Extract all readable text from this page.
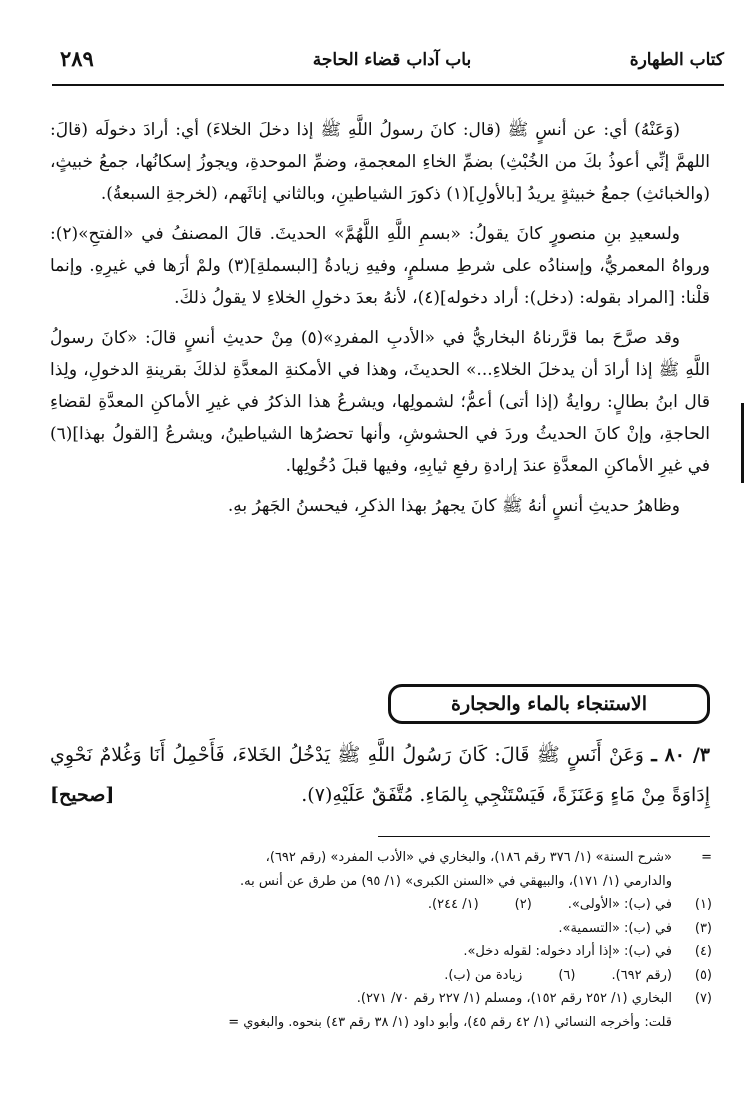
كتاب الطهارة
باب آداب قضاء الحاجة
٢٨٩

(وَعَنْهُ) أي: عن أنسٍ ﷺ (قال: كانَ رسولُ اللَّهِ ﷺ إذا دخلَ الخلاءَ) أي: أرادَ دخولَه (قالَ: اللهمَّ إنِّي أعوذُ بكَ من الخُبْثِ) بضمِّ الخاءِ المعجمةِ، وضمِّ الموحدةِ، ويجوزُ إسكانُها، جمعُ خبيثٍ، (والخبائثِ) جمعُ خبيثةٍ يريدُ [بالأولِ](١) ذكورَ الشياطينِ، وبالثاني إناثَهم، (لخرجةِ السبعةُ).

ولسعيدِ بنِ منصورٍ كانَ يقولُ: «بسمِ اللَّهِ اللَّهُمَّ» الحديثَ. قالَ المصنفُ في «الفتحِ»(٢): ورواهُ المعمريُّ، وإسنادُه على شرطِ مسلمٍ، وفيهِ زيادةُ [البسملةِ](٣) ولمْ أرَها في غيرِهِ. وإنما قلْنا: [المراد بقوله: (دخل): أراد دخوله](٤)، لأنهُ بعدَ دخولِ الخلاءِ لا يقولُ ذلكَ.

وقد صرَّحَ بما قرَّرناهُ البخاريُّ في «الأدبِ المفردِ»(٥) مِنْ حديثِ أنسٍ قالَ: «كانَ رسولُ اللَّهِ ﷺ إذا أرادَ أن يدخلَ الخلاءِ...» الحديثَ، وهذا في الأمكنةِ المعدَّةِ لذلكَ بقرينةِ الدخولِ، ولِذا قال ابنُ بطالٍ: روايةُ (إذا أتى) أعمُّ؛ لشمولِها، ويشرعُ هذا الذكرُ في غيرِ الأماكنِ المعدَّةِ لقضاءِ الحاجةِ، وإنْ كانَ الحديثُ وردَ في الحشوشِ، وأنها تحضرُها الشياطينُ، ويشرعُ [القولُ بهذا](٦) في غيرِ الأماكنِ المعدَّةِ عندَ إرادةِ رفعِ ثيابِهِ، وفيها قبلَ دُخُولِها.

وظاهرُ حديثِ أنسٍ أنهُ ﷺ كانَ يجهرُ بهذا الذكرِ، فيحسنُ الجَهرُ بهِ.

الاستنجاء بالماء والحجارة
٣/ ٨٠ ـ وَعَنْ أَنَسٍ ﷺ قَالَ: كَانَ رَسُولُ اللَّهِ ﷺ يَدْخُلُ الخَلاءَ، فَأَحْمِلُ أَنَا وَغُلامٌ نَحْوِي إِدَاوَةً مِنْ مَاءٍ وَعَنَزَةً، فَيَسْتَنْجِي بِالمَاءِ. مُتَّفَقٌ عَلَيْهِ(٧).
[صحيح]
=
«شرح السنة» (١/ ٣٧٦ رقم ١٨٦)، والبخاري في «الأدب المفرد» (رقم ٦٩٢)،
والدارمي (١/ ١٧١)، والبيهقي في «السنن الكبرى» (١/ ٩٥) من طرق عن أنس به.
(١)
في (ب): «الأولى».
(٢)
(١/ ٢٤٤).
(٣)
في (ب): «التسمية».
(٤)
في (ب): «إذا أراد دخوله: لقوله دخل».
(٥)
(رقم ٦٩٢).
(٦)
زيادة من (ب).
(٧)
البخاري (١/ ٢٥٢ رقم ١٥٢)، ومسلم (١/ ٢٢٧ رقم ٧٠/ ٢٧١).
قلت: وأخرجه النسائي (١/ ٤٢ رقم ٤٥)، وأبو داود (١/ ٣٨ رقم ٤٣) بنحوه. والبغوي =
